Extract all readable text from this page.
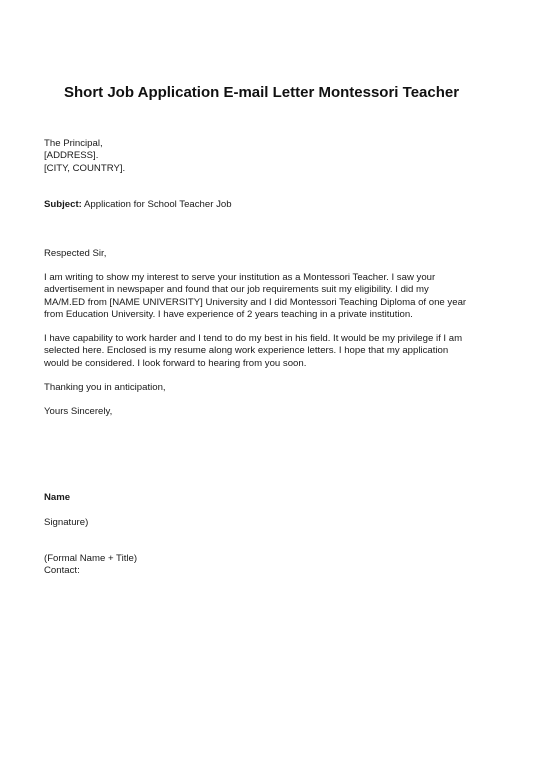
Short Job Application E-mail Letter Montessori Teacher
The Principal,
[ADDRESS].
[CITY, COUNTRY].
Subject: Application for School Teacher Job
Respected Sir,
I am writing to show my interest to serve your institution as a Montessori Teacher. I saw your
advertisement in newspaper and found that our job requirements suit my eligibility. I did my
MA/M.ED from [NAME UNIVERSITY] University and I did Montessori Teaching Diploma of one year
from Education University. I have experience of 2 years teaching in a private institution.
I have capability to work harder and I tend to do my best in his field. It would be my privilege if I am
selected here. Enclosed is my resume along work experience letters. I hope that my application
would be considered. I look forward to hearing from you soon.
Thanking you in anticipation,
Yours Sincerely,
Name
Signature)
(Formal Name + Title)
Contact:
